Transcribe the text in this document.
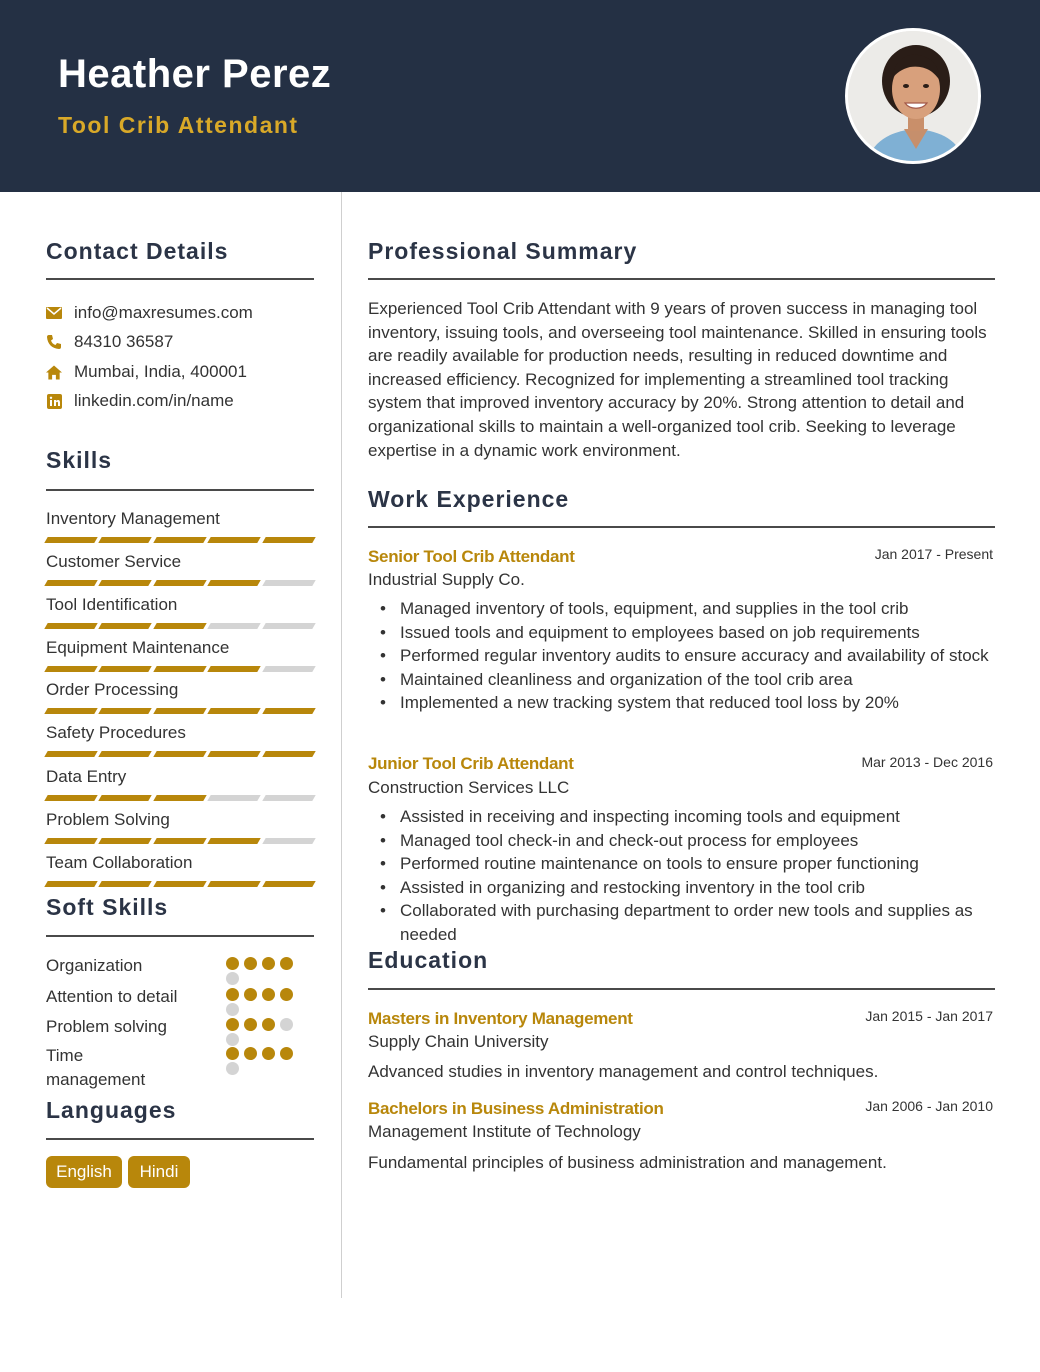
Heather Perez
Tool Crib Attendant
Contact Details
info@maxresumes.com
84310 36587
Mumbai, India, 400001
linkedin.com/in/name
Skills
Inventory Management
Customer Service
Tool Identification
Equipment Maintenance
Order Processing
Safety Procedures
Data Entry
Problem Solving
Team Collaboration
Soft Skills
Organization
Attention to detail
Problem solving
Time management
Languages
English	Hindi
Professional Summary
Experienced Tool Crib Attendant with 9 years of proven success in managing tool inventory, issuing tools, and overseeing tool maintenance. Skilled in ensuring tools are readily available for production needs, resulting in reduced downtime and increased efficiency. Recognized for implementing a streamlined tool tracking system that improved inventory accuracy by 20%. Strong attention to detail and organizational skills to maintain a well-organized tool crib. Seeking to leverage expertise in a dynamic work environment.
Work Experience
Senior Tool Crib Attendant	Jan 2017 - Present
Industrial Supply Co.
• Managed inventory of tools, equipment, and supplies in the tool crib
• Issued tools and equipment to employees based on job requirements
• Performed regular inventory audits to ensure accuracy and availability of stock
• Maintained cleanliness and organization of the tool crib area
• Implemented a new tracking system that reduced tool loss by 20%
Junior Tool Crib Attendant	Mar 2013 - Dec 2016
Construction Services LLC
• Assisted in receiving and inspecting incoming tools and equipment
• Managed tool check-in and check-out process for employees
• Performed routine maintenance on tools to ensure proper functioning
• Assisted in organizing and restocking inventory in the tool crib
• Collaborated with purchasing department to order new tools and supplies as needed
Education
Masters in Inventory Management	Jan 2015 - Jan 2017
Supply Chain University
Advanced studies in inventory management and control techniques.
Bachelors in Business Administration	Jan 2006 - Jan 2010
Management Institute of Technology
Fundamental principles of business administration and management.
